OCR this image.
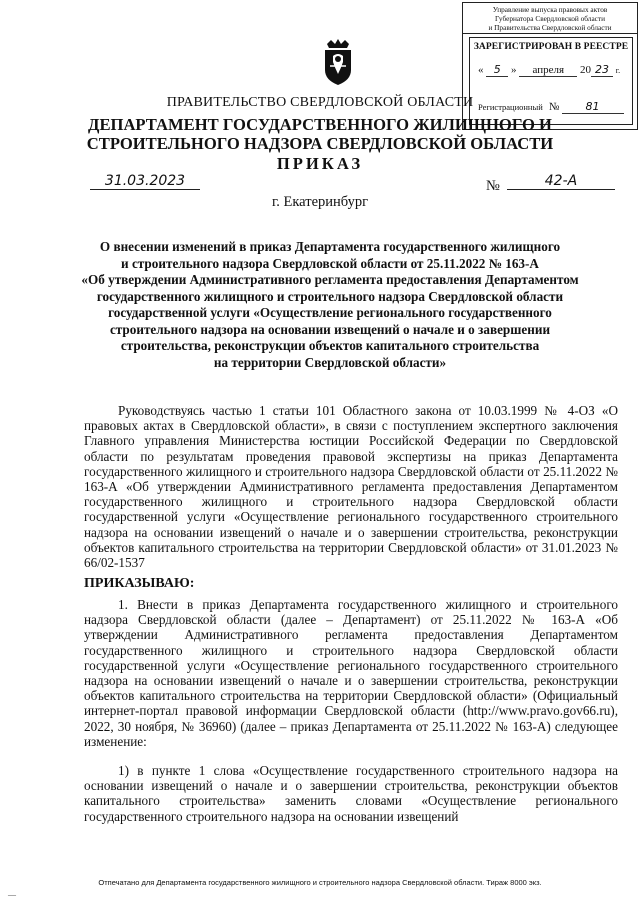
Управление выпуска правовых актов
Губернатора Свердловской области
и Правительства Свердловской области
ЗАРЕГИСТРИРОВАН В РЕЕСТРЕ
« 5 » апреля 20 23 г.
Регистрационный № 81
ПРАВИТЕЛЬСТВО СВЕРДЛОВСКОЙ ОБЛАСТИ
ДЕПАРТАМЕНТ ГОСУДАРСТВЕННОГО ЖИЛИЩНОГО И
СТРОИТЕЛЬНОГО НАДЗОРА СВЕРДЛОВСКОЙ ОБЛАСТИ
ПРИКАЗ
31.03.2023
г. Екатеринбург
№	42-А
О внесении изменений в приказ Департамента государственного жилищного
и строительного надзора Свердловской области от 25.11.2022 № 163-А
«Об утверждении Административного регламента предоставления Департаментом
государственного жилищного и строительного надзора Свердловской области
государственной услуги «Осуществление регионального государственного
строительного надзора на основании извещений о начале и о завершении
строительства, реконструкции объектов капитального строительства
на территории Свердловской области»

Руководствуясь частью 1 статьи 101 Областного закона от 10.03.1999 № 4-ОЗ «О правовых актах в Свердловской области», в связи с поступлением экспертного заключения Главного управления Министерства юстиции Российской Федерации по Свердловской области по результатам проведения правовой экспертизы на приказ Департамента государственного жилищного и строительного надзора Свердловской области от 25.11.2022 № 163-А «Об утверждении Административного регламента предоставления Департаментом государственного жилищного и строительного надзора Свердловской области государственной услуги «Осуществление регионального государственного строительного надзора на основании извещений о начале и о завершении строительства, реконструкции объектов капитального строительства на территории Свердловской области» от 31.01.2023 № 66/02-1537

ПРИКАЗЫВАЮ:

1. Внести в приказ Департамента государственного жилищного и строительного надзора Свердловской области (далее – Департамент) от 25.11.2022 № 163-А «Об утверждении Административного регламента предоставления Департаментом государственного жилищного и строительного надзора Свердловской области государственной услуги «Осуществление регионального государственного строительного надзора на основании извещений о начале и о завершении строительства, реконструкции объектов капитального строительства на территории Свердловской области» (Официальный интернет-портал правовой информации Свердловской области (http://www.pravo.gov66.ru), 2022, 30 ноября, № 36960) (далее – приказ Департамента от 25.11.2022 № 163-А) следующее изменение:

1) в пункте 1 слова «Осуществление государственного строительного надзора на основании извещений о начале и о завершении строительства, реконструкции объектов капитального строительства» заменить словами «Осуществление регионального государственного строительного надзора на основании извещений

Отпечатано для Департамента государственного жилищного и строительного надзора Свердловской области. Тираж 8000 экз.
—
